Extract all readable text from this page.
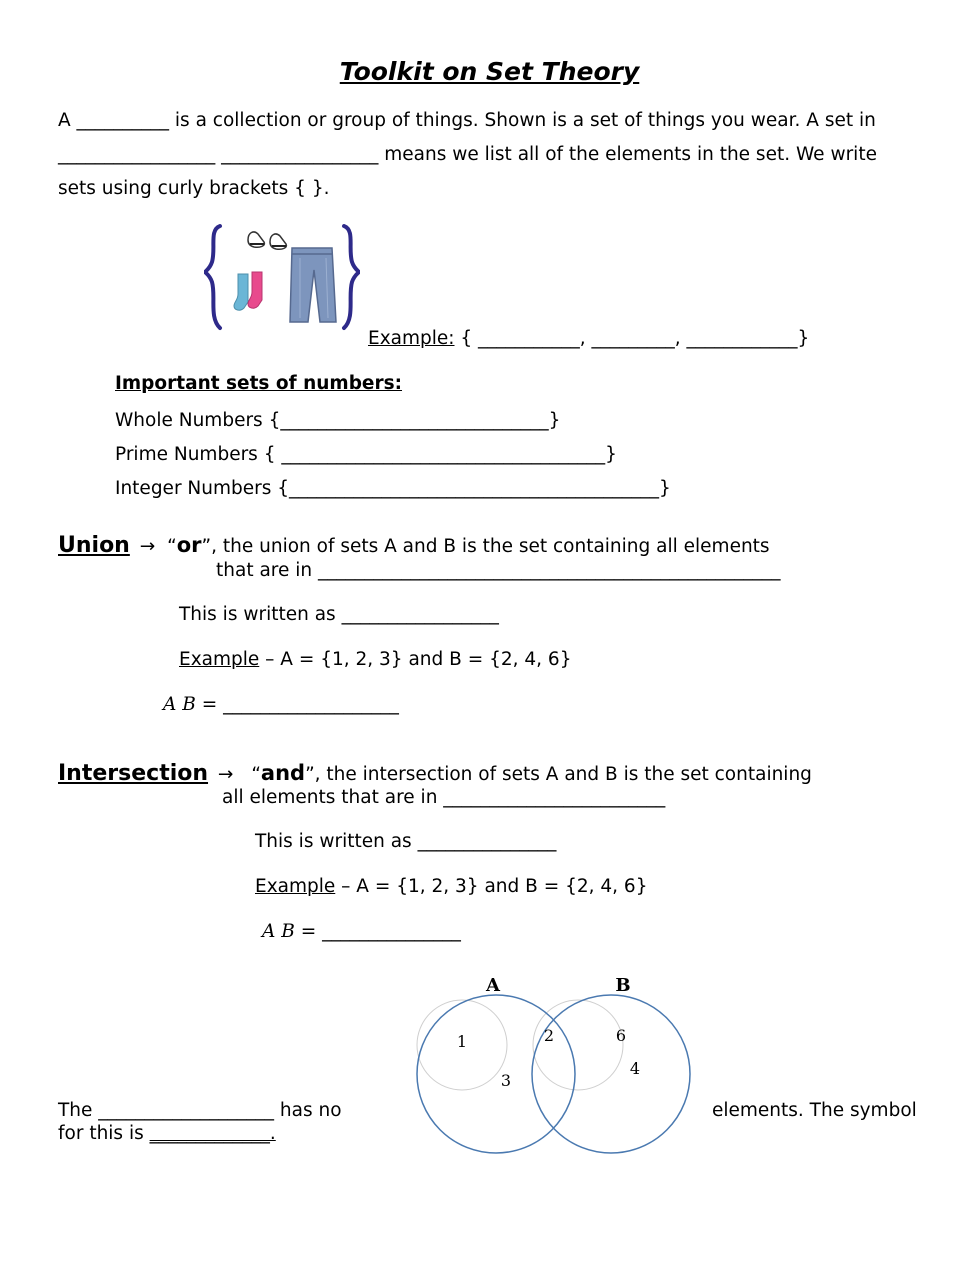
Toolkit on Set Theory
A __________ is a collection or group of things. Shown is a set of things you wear. A set in
_________________ _________________ means we list all of the elements in the set. We write
sets using curly brackets { }.
Example: { ___________, _________, ____________}
Important sets of numbers:
Whole Numbers {_____________________________}
Prime Numbers { ___________________________________}
Integer Numbers {________________________________________}
Union → “or”, the union of sets A and B is the set containing all elements
that are in __________________________________________________
This is written as _________________
Example – A = {1, 2, 3} and B = {2, 4, 6}
A B = ___________________
Intersection → “and”, the intersection of sets A and B is the set containing
all elements that are in ________________________
This is written as _______________
Example – A = {1, 2, 3} and B = {2, 4, 6}
A B = _______________
A	B
1	2
3
6
4
The ___________________ has no	elements. The symbol
for this is _____________.
